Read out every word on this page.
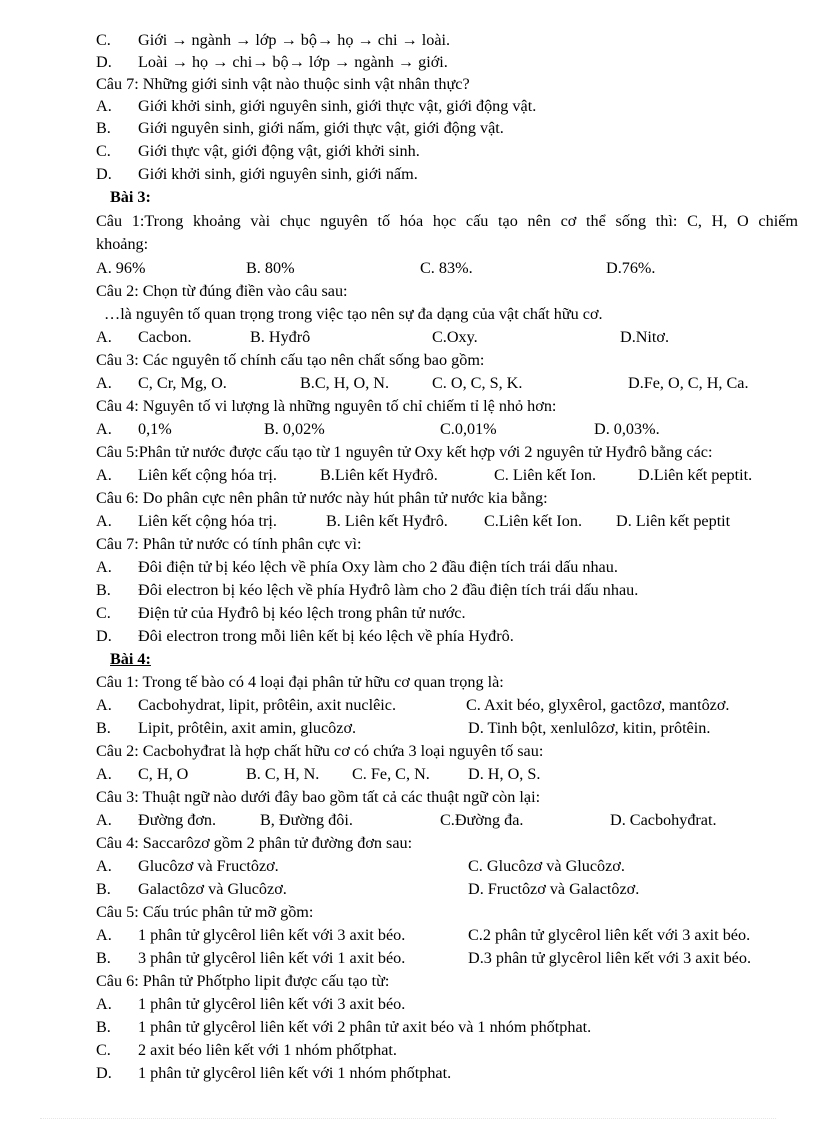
C. Giới → ngành → lớp → bộ→ họ → chi → loài.
D. Loài → họ → chi→ bộ→ lớp → ngành → giới.
Câu 7: Những giới sinh vật nào thuộc sinh vật nhân thực?
A. Giới khởi sinh, giới nguyên sinh, giới thực vật, giới động vật.
B. Giới nguyên sinh, giới nấm, giới thực vật, giới động vật.
C. Giới thực vật, giới động vật, giới khởi sinh.
D. Giới khởi sinh, giới nguyên sinh, giới nấm.
Bài 3:
Câu 1:Trong khoảng vài chục nguyên tố hóa học cấu tạo nên cơ thể sống thì: C, H, O chiếm
khoảng:
A. 96%	B. 80%	C. 83%.	D.76%.
Câu 2: Chọn từ đúng điền vào câu sau:
…là nguyên tố quan trọng trong việc tạo nên sự đa dạng của vật chất hữu cơ.
A. Cacbon.	B. Hyđrô	C.Oxy.	D.Nitơ.
Câu 3: Các nguyên tố chính cấu tạo nên chất sống bao gồm:
A. C, Cr, Mg, O.	B.C, H, O, N.	C. O, C, S, K.	D.Fe, O, C, H, Ca.
Câu 4: Nguyên tố vi lượng là những nguyên tố chỉ chiếm tỉ lệ nhỏ hơn:
A. 0,1%	B. 0,02%	C.0,01%	D. 0,03%.
Câu 5:Phân tử nước được cấu tạo từ 1 nguyên tử Oxy kết hợp với 2 nguyên tử Hyđrô bằng các:
A. Liên kết cộng hóa trị.	B.Liên kết Hyđrô.	C. Liên kết Ion.	D.Liên kết peptit.
Câu 6: Do phân cực nên phân tử nước này hút phân tử nước kia bằng:
A. Liên kết cộng hóa trị.	B. Liên kết Hyđrô. C.Liên kết Ion. D. Liên kết peptit
Câu 7: Phân tử nước có tính phân cực vì:
A. Đôi điện tử bị kéo lệch về phía Oxy làm cho 2 đầu điện tích trái dấu nhau.
B. Đôi electron bị kéo lệch về phía Hyđrô làm cho 2 đầu điện tích trái dấu nhau.
C. Điện tử của Hyđrô bị kéo lệch trong phân tử nước.
D. Đôi electron trong mỗi liên kết bị kéo lệch về phía Hyđrô.
Bài 4:
Câu 1: Trong tế bào có 4 loại đại phân tử hữu cơ quan trọng là:
A. Cacbohydrat, lipit, prôtêin, axit nuclêic.	C. Axit béo, glyxêrol, gactôzơ, mantôzơ.
B. Lipit, prôtêin, axit amin, glucôzơ.	D. Tinh bột, xenlulôzơ, kitin, prôtêin.
Câu 2: Cacbohyđrat là hợp chất hữu cơ có chứa 3 loại nguyên tố sau:
A. C, H, O	B. C, H, N. C. Fe, C, N. D. H, O, S.
Câu 3: Thuật ngữ nào dưới đây bao gồm tất cả các thuật ngữ còn lại:
A. Đường đơn.	B, Đường đôi.	C.Đường đa.	D. Cacbohyđrat.
Câu 4: Saccarôzơ gồm 2 phân tử đường đơn sau:
A. Glucôzơ và Fructôzơ.	C. Glucôzơ và Glucôzơ.
B. Galactôzơ và Glucôzơ.	D. Fructôzơ và Galactôzơ.
Câu 5: Cấu trúc phân tử mỡ gồm:
A. 1 phân tử glycêrol liên kết với 3 axit béo.	C.2 phân tử glycêrol liên kết với 3 axit béo.
B. 3 phân tử glycêrol liên kết với 1 axit béo.	D.3 phân tử glycêrol liên kết với 3 axit béo.
Câu 6: Phân tử Phốtpho lipit được cấu tạo từ:
A. 1 phân tử glycêrol liên kết với 3 axit béo.
B. 1 phân tử glycêrol liên kết với 2 phân tử axit béo và 1 nhóm phốtphat.
C. 2 axit béo liên kết với 1 nhóm phốtphat.
D. 1 phân tử glycêrol liên kết với 1 nhóm phốtphat.
